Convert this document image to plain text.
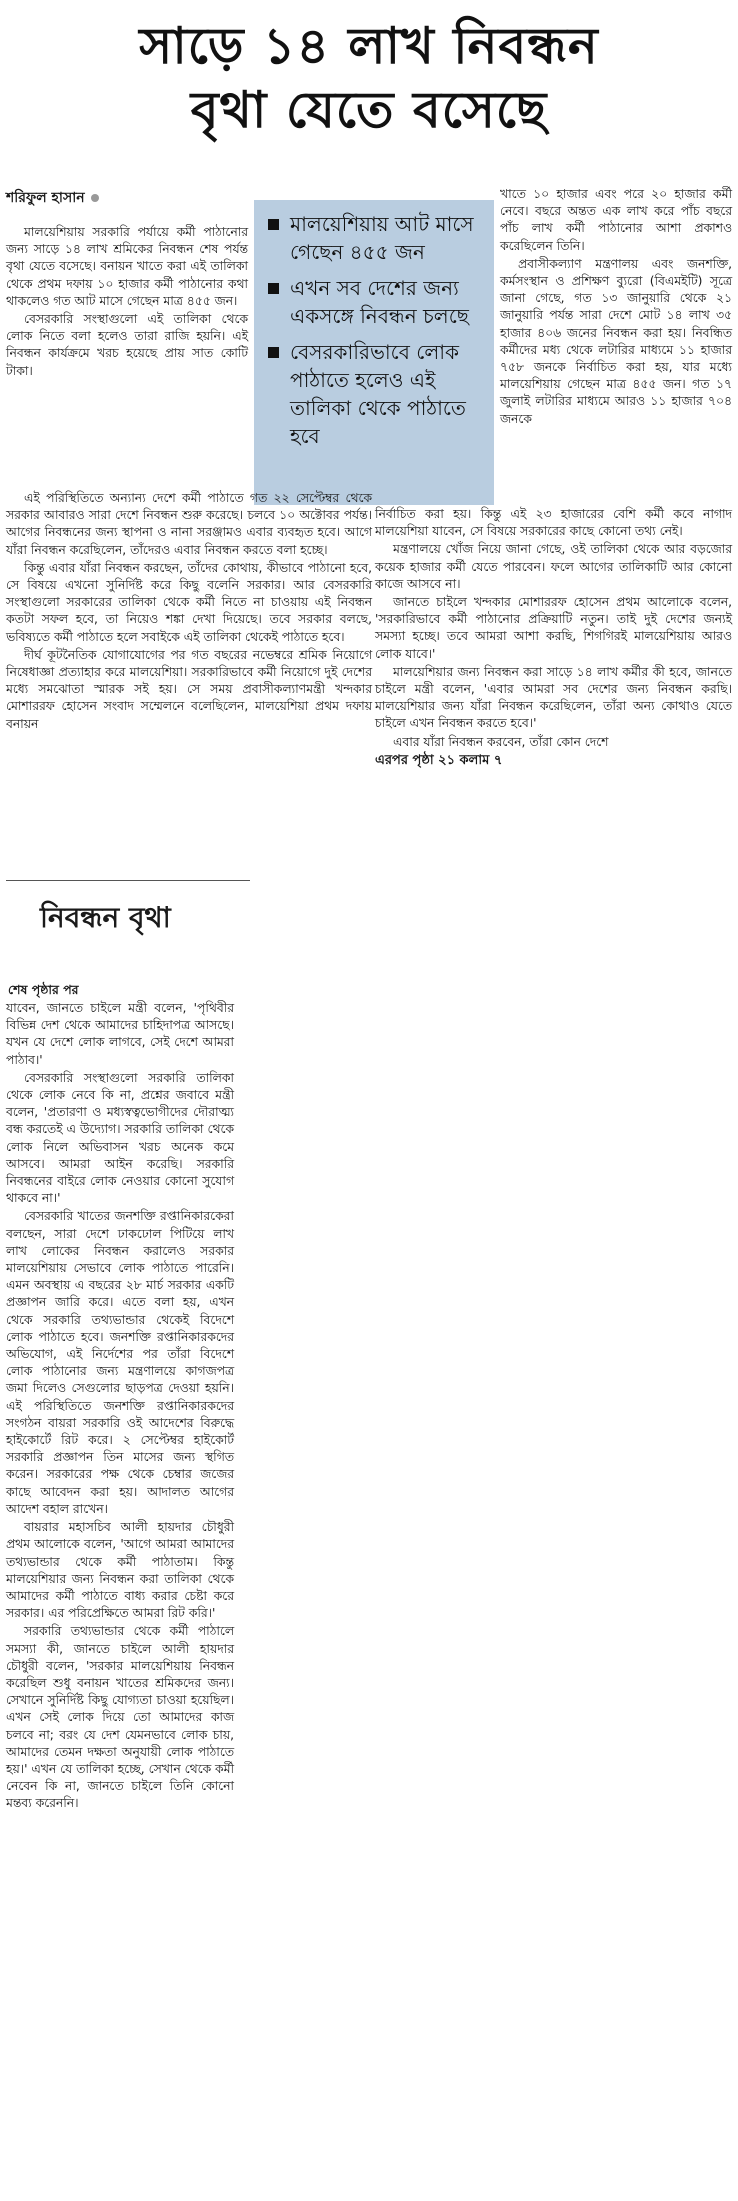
সাড়ে ১৪ লাখ নিবন্ধন
বৃথা যেতে বসেছে
শরিফুল হাসান

মালয়েশিয়ায় সরকারি পর্যায়ে কর্মী পাঠানোর জন্য সাড়ে ১৪ লাখ শ্রমিকের নিবন্ধন শেষ পর্যন্ত বৃথা যেতে বসেছে। বনায়ন খাতে করা এই তালিকা থেকে প্রথম দফায় ১০ হাজার কর্মী পাঠানোর কথা থাকলেও গত আট মাসে গেছেন মাত্র ৪৫৫ জন।

বেসরকারি সংস্থাগুলো এই তালিকা থেকে লোক নিতে বলা হলেও তারা রাজি হয়নি। এই নিবন্ধন কার্যক্রমে খরচ হয়েছে প্রায় সাত কোটি টাকা।

মালয়েশিয়ায় আট মাসে গেছেন ৪৫৫ জন
এখন সব দেশের জন্য একসঙ্গে নিবন্ধন চলছে
বেসরকারিভাবে লোক পাঠাতে হলেও এই তালিকা থেকে পাঠাতে হবে

খাতে ১০ হাজার এবং পরে ২০ হাজার কর্মী নেবে। বছরে অন্তত এক লাখ করে পাঁচ বছরে পাঁচ লাখ কর্মী পাঠানোর আশা প্রকাশও করেছিলেন তিনি।

প্রবাসীকল্যাণ মন্ত্রণালয় এবং জনশক্তি, কর্মসংস্থান ও প্রশিক্ষণ ব্যুরো (বিএমইটি) সূত্রে জানা গেছে, গত ১৩ জানুয়ারি থেকে ২১ জানুয়ারি পর্যন্ত সারা দেশে মোট ১৪ লাখ ৩৫ হাজার ৪০৬ জনের নিবন্ধন করা হয়। নিবন্ধিত কর্মীদের মধ্য থেকে লটারির মাধ্যমে ১১ হাজার ৭৫৮ জনকে নির্বাচিত করা হয়, যার মধ্যে মালয়েশিয়ায় গেছেন মাত্র ৪৫৫ জন। গত ১৭ জুলাই লটারির মাধ্যমে আরও ১১ হাজার ৭০৪ জনকে

এই পরিস্থিতিতে অন্যান্য দেশে কর্মী পাঠাতে গত ২২ সেপ্টেম্বর থেকে সরকার আবারও সারা দেশে নিবন্ধন শুরু করেছে। চলবে ১০ অক্টোবর পর্যন্ত। আগের নিবন্ধনের জন্য স্থাপনা ও নানা সরঞ্জামও এবার ব্যবহৃত হবে। আগে যাঁরা নিবন্ধন করেছিলেন, তাঁদেরও এবার নিবন্ধন করতে বলা হচ্ছে।

কিন্তু এবার যাঁরা নিবন্ধন করছেন, তাঁদের কোথায়, কীভাবে পাঠানো হবে, সে বিষয়ে এখনো সুনির্দিষ্ট করে কিছু বলেনি সরকার। আর বেসরকারি সংস্থাগুলো সরকারের তালিকা থেকে কর্মী নিতে না চাওয়ায় এই নিবন্ধন কতটা সফল হবে, তা নিয়েও শঙ্কা দেখা দিয়েছে। তবে সরকার বলছে, ভবিষ্যতে কর্মী পাঠাতে হলে সবাইকে এই তালিকা থেকেই পাঠাতে হবে।

দীর্ঘ কূটনৈতিক যোগাযোগের পর গত বছরের নভেম্বরে শ্রমিক নিয়োগে নিষেধাজ্ঞা প্রত্যাহার করে মালয়েশিয়া। সরকারিভাবে কর্মী নিয়োগে দুই দেশের মধ্যে সমঝোতা স্মারক সই হয়। সে সময় প্রবাসীকল্যাণমন্ত্রী খন্দকার মোশাররফ হোসেন সংবাদ সম্মেলনে বলেছিলেন, মালয়েশিয়া প্রথম দফায় বনায়ন

নির্বাচিত করা হয়। কিন্তু এই ২৩ হাজারের বেশি কর্মী কবে নাগাদ মালয়েশিয়া যাবেন, সে বিষয়ে সরকারের কাছে কোনো তথ্য নেই।

মন্ত্রণালয়ে খোঁজ নিয়ে জানা গেছে, ওই তালিকা থেকে আর বড়জোর কয়েক হাজার কর্মী যেতে পারবেন। ফলে আগের তালিকাটি আর কোনো কাজে আসবে না।

জানতে চাইলে খন্দকার মোশাররফ হোসেন প্রথম আলোকে বলেন, 'সরকারিভাবে কর্মী পাঠানোর প্রক্রিয়াটি নতুন। তাই দুই দেশের জন্যই সমস্যা হচ্ছে। তবে আমরা আশা করছি, শিগগিরই মালয়েশিয়ায় আরও লোক যাবে।'

মালয়েশিয়ার জন্য নিবন্ধন করা সাড়ে ১৪ লাখ কর্মীর কী হবে, জানতে চাইলে মন্ত্রী বলেন, 'এবার আমরা সব দেশের জন্য নিবন্ধন করছি। মালয়েশিয়ার জন্য যাঁরা নিবন্ধন করেছিলেন, তাঁরা অন্য কোথাও যেতে চাইলে এখন নিবন্ধন করতে হবে।'

এবার যাঁরা নিবন্ধন করবেন, তাঁরা কোন দেশে

এরপর পৃষ্ঠা ২১ কলাম ৭
নিবন্ধন বৃথা
শেষ পৃষ্ঠার পর

যাবেন, জানতে চাইলে মন্ত্রী বলেন, 'পৃথিবীর বিভিন্ন দেশ থেকে আমাদের চাহিদাপত্র আসছে। যখন যে দেশে লোক লাগবে, সেই দেশে আমরা পাঠাব।'

বেসরকারি সংস্থাগুলো সরকারি তালিকা থেকে লোক নেবে কি না, প্রশ্নের জবাবে মন্ত্রী বলেন, 'প্রতারণা ও মধ্যস্বত্বভোগীদের দৌরাত্ম্য বন্ধ করতেই এ উদ্যোগ। সরকারি তালিকা থেকে লোক নিলে অভিবাসন খরচ অনেক কমে আসবে। আমরা আইন করেছি। সরকারি নিবন্ধনের বাইরে লোক নেওয়ার কোনো সুযোগ থাকবে না।'

বেসরকারি খাতের জনশক্তি রপ্তানিকারকেরা বলছেন, সারা দেশে ঢাকঢোল পিটিয়ে লাখ লাখ লোকের নিবন্ধন করালেও সরকার মালয়েশিয়ায় সেভাবে লোক পাঠাতে পারেনি। এমন অবস্থায় এ বছরের ২৮ মার্চ সরকার একটি প্রজ্ঞাপন জারি করে। এতে বলা হয়, এখন থেকে সরকারি তথ্যভান্ডার থেকেই বিদেশে লোক পাঠাতে হবে। জনশক্তি রপ্তানিকারকদের অভিযোগ, এই নির্দেশের পর তাঁরা বিদেশে লোক পাঠানোর জন্য মন্ত্রণালয়ে কাগজপত্র জমা দিলেও সেগুলোর ছাড়পত্র দেওয়া হয়নি। এই পরিস্থিতিতে জনশক্তি রপ্তানিকারকদের সংগঠন বায়রা সরকারি ওই আদেশের বিরুদ্ধে হাইকোর্টে রিট করে। ২ সেপ্টেম্বর হাইকোর্ট সরকারি প্রজ্ঞাপন তিন মাসের জন্য স্থগিত করেন। সরকারের পক্ষ থেকে চেম্বার জজের কাছে আবেদন করা হয়। আদালত আগের আদেশ বহাল রাখেন।

বায়রার মহাসচিব আলী হায়দার চৌধুরী প্রথম আলোকে বলেন, 'আগে আমরা আমাদের তথ্যভান্ডার থেকে কর্মী পাঠাতাম। কিন্তু মালয়েশিয়ার জন্য নিবন্ধন করা তালিকা থেকে আমাদের কর্মী পাঠাতে বাধ্য করার চেষ্টা করে সরকার। এর পরিপ্রেক্ষিতে আমরা রিট করি।'

সরকারি তথ্যভান্ডার থেকে কর্মী পাঠালে সমস্যা কী, জানতে চাইলে আলী হায়দার চৌধুরী বলেন, 'সরকার মালয়েশিয়ায় নিবন্ধন করেছিল শুধু বনায়ন খাতের শ্রমিকদের জন্য। সেখানে সুনির্দিষ্ট কিছু যোগ্যতা চাওয়া হয়েছিল। এখন সেই লোক দিয়ে তো আমাদের কাজ চলবে না; বরং যে দেশ যেমনভাবে লোক চায়, আমাদের তেমন দক্ষতা অনুযায়ী লোক পাঠাতে হয়।' এখন যে তালিকা হচ্ছে, সেখান থেকে কর্মী নেবেন কি না, জানতে চাইলে তিনি কোনো মন্তব্য করেননি।
